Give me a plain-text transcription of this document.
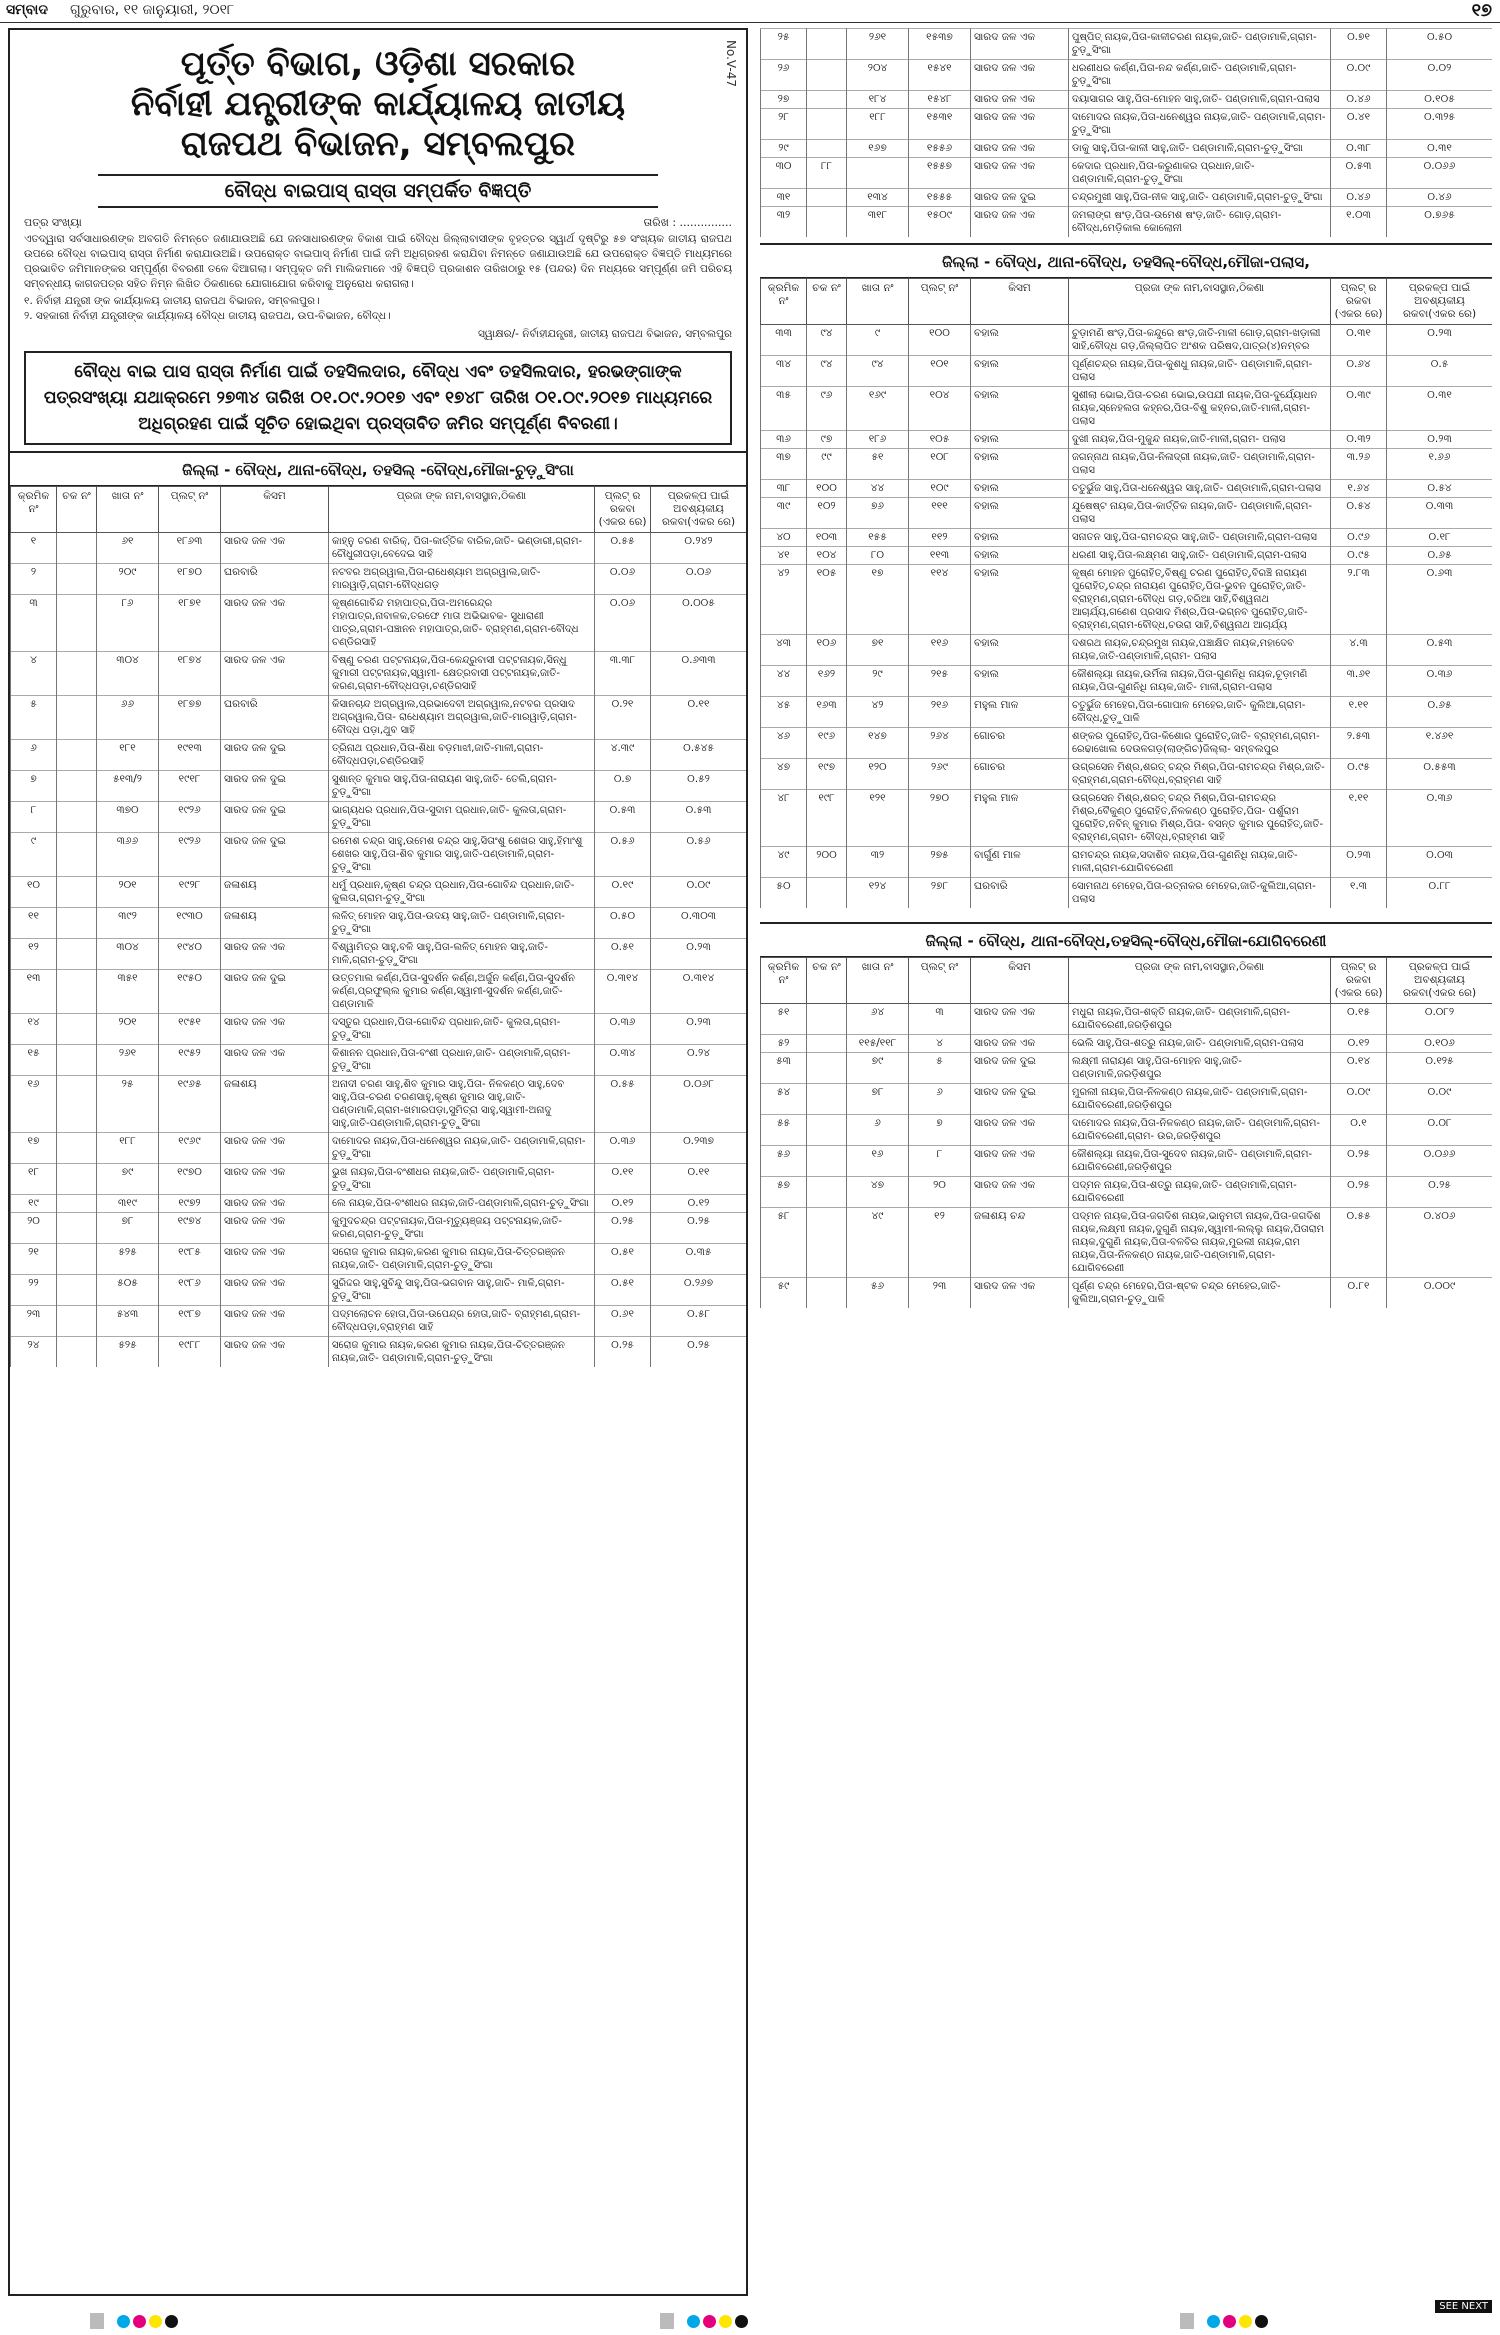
ସମ୍ବାଦ ଗୁରୁବାର, ୧୧ ଜାନୁୟାରୀ, ୨୦୧୮	୧୭
No.V-47
ପୂର୍ତ୍ତ ବିଭାଗ, ଓଡ଼ିଶା ସରକାର
ନିର୍ବାହୀ ଯନ୍ତ୍ରୀଙ୍କ କାର୍ଯ୍ୟାଳୟ ଜାତୀୟ
ରାଜପଥ ବିଭାଜନ, ସମ୍ବଲପୁର
ବୌଦ୍ଧ ବାଇପାସ୍ ରାସ୍ତା ସମ୍ପର୍କିତ ବିଜ୍ଞପ୍ତି
ପତ୍ର ସଂଖ୍ୟା	ତାରିଖ : ...............
ଏତଦ୍ୱାରା ସର୍ବସାଧାରଣଙ୍କ ଅବଗତି ନିମନ୍ତେ ଜଣାଯାଉଅଛି ଯେ ଜନସାଧାରଣଙ୍କ ବିକାଶ ପାଇଁ ବୌଦ୍ଧ ଜିଲ୍ଲାବାସୀଙ୍କ ବୃହତ୍ତର ସ୍ୱାର୍ଥ ଦୃଷ୍ଟିରୁ ୫୭ ସଂଖ୍ୟକ ଜାତୀୟ ରାଜପଥ ଉପରେ ବୌଦ୍ଧ ବାଇପାସ୍ ରାସ୍ତା ନିର୍ମାଣ କରାଯାଉଅଛି। ଉପରୋକ୍ତ ବାଇପାସ୍ ନିର୍ମାଣ ପାଇଁ ଜମି ଅଧିଗ୍ରହଣ କରାଯିବା ନିମନ୍ତେ ଜଣାଯାଉଅଛି ଯେ ଉପରୋକ୍ତ ବିଜ୍ଞପ୍ତି ମାଧ୍ୟମରେ ପ୍ରଭାବିତ ଜମିମାନଙ୍କର ସମ୍ପୂର୍ଣ୍ଣ ବିବରଣୀ ତଳେ ଦିଆଗଲା। ସମ୍ପୃକ୍ତ ଜମି ମାଲିକମାନେ ଏହି ବିଜ୍ଞପ୍ତି ପ୍ରକାଶନ ତାରିଖଠାରୁ ୧୫ (ପନ୍ଦର) ଦିନ ମଧ୍ୟରେ ସମ୍ପୂର୍ଣ୍ଣ ଜମି ପରିଚୟ ସମ୍ବନ୍ଧୀୟ କାଗଜପତ୍ର ସହିତ ନିମ୍ନ ଲିଖିତ ଠିକଣାରେ ଯୋଗାଯୋଗ କରିବାକୁ ଅନୁରୋଧ କରାଗଲା।
୧. ନିର୍ବାହୀ ଯନ୍ତ୍ରୀ ଙ୍କ କାର୍ଯ୍ୟାଳୟ ଜାତୀୟ ରାଜପଥ ବିଭାଜନ, ସମ୍ବଲପୁର।
୨. ସହକାରୀ ନିର୍ବାହୀ ଯନ୍ତ୍ରୀଙ୍କ କାର୍ଯ୍ୟାଳୟ ବୌଦ୍ଧ ଜାତୀୟ ରାଜପଥ, ଉପ-ବିଭାଜନ, ବୌଦ୍ଧ।
ସ୍ୱାକ୍ଷର/- ନିର୍ବାହୀଯନ୍ତ୍ରୀ, ଜାତୀୟ ରାଜପଥ ବିଭାଜନ, ସମ୍ବଲପୁର
ବୌଦ୍ଧ ବାଇ ପାସ ରାସ୍ତା ନିର୍ମାଣ ପାଇଁ ତହସିଲଦାର, ବୌଦ୍ଧ ଏବଂ ତହସିଲଦାର, ହରଭଙ୍ଗାଙ୍କ ପତ୍ରସଂଖ୍ୟା ଯଥାକ୍ରମେ ୨୭୩୪ ତାରିଖ ୦୧.୦୯.୨୦୧୭ ଏବଂ ୧୭୪୮ ତାରିଖ ୦୧.୦୯.୨୦୧୭ ମାଧ୍ୟମରେ ଅଧିଗ୍ରହଣ ପାଇଁ ସୂଚିତ ହୋଇଥିବା ପ୍ରସ୍ତାବିତ ଜମିର ସମ୍ପୂର୍ଣ୍ଣ ବିବରଣୀ।
ଜିଲ୍ଲା - ବୌଦ୍ଧ, ଥାନା-ବୌଦ୍ଧ, ତହସିଲ୍ -ବୌଦ୍ଧ,ମୌଜା-ଚୁଡ଼ୁସିଂଗା
କ୍ରମିକ ନଂ	ଚକ ନଂ	ଖାତା ନଂ	ପ୍ଲଟ୍ ନଂ	କିସମ	ପ୍ରଜା ଙ୍କ ନାମ,ବାସସ୍ଥାନ,ଠିକଣା	ପ୍ଲଟ୍ ର ରକବା (ଏକର ରେ)	ପ୍ରକଳ୍ପ ପାଇଁ ଅବଶ୍ୟକୀୟ ରକବା(ଏକର ରେ)
୧		୬୧	୧୮୬୩	ସାରଦ ଜଳ ଏକ	କାହ୍ନୁ ଚରଣ ବାରିକ୍, ପିତା-କାର୍ତ୍ତିକ ବାରିକ,ଜାତି- ଭଣ୍ଡାରୀ,ଗ୍ରାମ-ଚୌଧୁରୀପଡ଼ା,ବେଦେଇ ସାହି	୦.୫୫	୦.୨୪୨
୨		୨୦୯	୧୮୭୦	ଘରବାରି	ନଟବର ଅଗ୍ରୱାଲ,ପିତା-ରାଧେଶ୍ୟାମ ଅଗ୍ରୱାଲ,ଜାତି-ମାରୱାଡ଼ି,ଗ୍ରାମ-ବୌଦ୍ଧଗଡ଼	୦.୦୬	୦.୦୬
୩		୮୬	୧୮୭୧	ସାରଦ ଜଳ ଏକ	କୃଷ୍ଣଗୋବିନ୍ଦ ମହାପାତ୍ର,ପିତା-ଅମରେନ୍ଦ୍ର ମହାପାତ୍ର,ନାବାଳକ,ତରଫେ ମାତା ଅଭିଭାବକ- ସୁଧାରାଣୀ ପାତ୍ର,ଗ୍ରାମ-ପଞ୍ଚାନନ ମହାପାତ୍ର,ଜାତି- ବ୍ରାହ୍ମଣ,ଗ୍ରାମ-ବୌଦ୍ଧ ଚଣ୍ଡିରସାହି	୦.୦୬	୦.୦୦୫
୪		୩୦୪	୧୮୭୪	ସାରଦ ଜଳ ଏକ	ବିଷ୍ଣୁ ଚରଣ ପଟ୍ଟନାୟକ,ପିତା-କେନ୍ଦ୍ରୁବାସୀ ପଟ୍ଟନାୟକ,ସିନ୍ଧୁ କୁମାରୀ ପଟ୍ଟନାୟକ,ସ୍ୱାମୀ- କ୍ଷେତ୍ରବାସୀ ପଟ୍ଟନାୟକ,ଜାତି-କରଣ,ଗ୍ରାମ-ବୌଦ୍ଧପଡ଼ା,ଚଣ୍ଡିରସାହି	୩.୩୮	୦.୬୩୩
୫		୬୬	୧୮୭୭	ଘରବାରି	କିସାନଚାନ୍ଦ ଅଗ୍ରୱାଲ,ପ୍ରଭାଦେବୀ ଅଗ୍ରୱାଲ,ନଟବର ପ୍ରସାଦ ଅଗ୍ରୱାଲ,ପିତା- ରାଧେଶ୍ୟାମ ଅଗ୍ରୱାଲ,ଜାତି-ମାରୱାଡ଼ି,ଗ୍ରାମ-ବୌଦ୍ଧ ପଡ଼ା,ଥୁବ ସାହି	୦.୨୧	୦.୧୧
୬		୧୮୧	୧୯୧୩	ସାରଦ ଜଳ ଦୁଇ	ତ୍ରିନାଥ ପ୍ରଧାନ,ପିତା-ଶିଧା ବଡ଼ମାଝୀ,ଜାତି-ମାଳୀ,ଗ୍ରାମ-ବୌଦ୍ଧପଡ଼ା,ଚଣ୍ଡିରସାହି	୪.୩୯	୦.୫୪୫
୭		୫୧୩/୨	୧୯୧୮	ସାରଦ ଜଳ ଦୁଇ	ସୁଶାନ୍ତ କୁମାର ସାହୁ,ପିତା-ନାରାୟଣ ସାହୁ,ଜାତି- ତେଲି,ଗ୍ରାମ-ଚୁଡ଼ୁସିଂଗା	୦.୭	୦.୫୨
୮		୩୭୦	୧୯୨୬	ସାରଦ ଜଳ ଦୁଇ	ଭାଗ୍ୟଧର ପ୍ରଧାନ,ପିତା-ସୁଦାମ ପ୍ରଧାନ,ଜାତି- କୁଲତା,ଗ୍ରାମ-ଚୁଡ଼ୁସିଂଗା	୦.୫୩	୦.୫୩
୯		୩୬୬	୧୯୨୬	ସାରଦ ଜଳ ଦୁଇ	ରମେଶ ଚନ୍ଦ୍ର ସାହୁ,ଉମେଶ ଚନ୍ଦ୍ର ସାହୁ,ସିତାଂଶୁ ଶେଖର ସାହୁ,ହିମାଂଶୁ ଶେଖର ସାହୁ,ପିତା-ଶିବ କୁମାର ସାହୁ,ଜାତି-ପଣ୍ଡାମାଳି,ଗ୍ରାମ-ଚୁଡ଼ୁସିଂଗା	୦.୫୬	୦.୫୬
୧୦		୨୦୧	୧୯୨୮	ଜଳାଶୟ	ଧର୍ମୁ ପ୍ରଧାନ,କୃଷ୍ଣ ଚନ୍ଦ୍ର ପ୍ରଧାନ,ପିତା-ଗୋବିନ୍ଦ ପ୍ରଧାନ,ଜାତି-କୁଲତା,ଗ୍ରାମ-ଚୁଡ଼ୁସିଂଗା	୦.୧୯	୦.୦୯
୧୧		୩୯୨	୧୯୩୦	ଜଳାଶୟ	ଲଳିତ୍ ମୋହନ ସାହୁ,ପିତା-ଉଦୟ ସାହୁ,ଜାତି- ପଣ୍ଡାମାଳି,ଗ୍ରାମ-ଚୁଡ଼ୁସିଂଗା	୦.୫୦	୦.୩୦୩
୧୨		୩୦୪	୧୯୪୦	ସାରଦ ଜଳ ଏକ	ବିଶ୍ୱାମିତ୍ର ସାହୁ,ବଳି ସାହୁ,ପିତା-ଲଳିତ୍ ମୋହନ ସାହୁ,ଜାତି-ମାଳି,ଗ୍ରାମ-ଚୁଡ଼ୁସିଂଗା	୦.୫୧	୦.୨୩
୧୩		୩୫୧	୧୯୫୦	ସାରଦ ଜଳ ଦୁଇ	ଉତ୍ତମାଲ କର୍ଣ୍ଣ,ପିତା-ସୁଦର୍ଶନ କର୍ଣ୍ଣ,ଅର୍ଜୁନ କର୍ଣ୍ଣ,ପିତା-ସୁଦର୍ଶନ କର୍ଣ୍ଣ,ପ୍ରଫୁଲ୍ଲ କୁମାର କର୍ଣ୍ଣ,ସ୍ୱାମୀ-ସୁଦର୍ଶନ କର୍ଣ୍ଣ,ଜାତି-ପଣ୍ଡାମାଳି	୦.୩୧୪	୦.୩୧୪
୧୪		୨୦୧	୧୯୫୧	ସାରଦ ଜଳ ଏକ	ଦସ୍ତୁର ପ୍ରଧାନ,ପିତା-ଗୋବିନ୍ଦ ପ୍ରଧାନ,ଜାତି- କୁଲତା,ଗ୍ରାମ-ଚୁଡ଼ୁସିଂଗା	୦.୩୬	୦.୨୩
୧୫		୨୬୧	୧୯୫୨	ସାରଦ ଜଳ ଏକ	କିଶାନନ ପ୍ରଧାନ,ପିତା-ବଂଶୀ ପ୍ରଧାନ,ଜାତି- ପଣ୍ଡାମାଳି,ଗ୍ରାମ-ଚୁଡ଼ୁସିଂଗା	୦.୩୪	୦.୨୪
୧୬		୨୫	୧୯୬୫	ଜଳାଶୟ	ଅନାଦୀ ଚରଣ ସାହୁ,ଶିବ କୁମାର ସାହୁ,ପିତା- ନିଳକଣ୍ଠ ସାହୁ,ଦେବ ସାହୁ,ପିତା-ଚରଣ ଚରଣସାହୁ,କୃଷ୍ଣ କୁମାର ସାହୁ,ଜାତି-ପଣ୍ଡାମାଳି,ଗ୍ରାମ-ଖମାରପଡ଼ା,ସୁମିତ୍ରା ସାହୁ,ସ୍ୱାମୀ-ଅନାଦୁ ସାହୁ,ଜାତି-ପଣ୍ଡାମାଳି,ଗ୍ରାମ-ଚୁଡ଼ୁସିଂଗା	୦.୫୫	୦.୦୬୮
୧୭		୧୮୮	୧୯୬୯	ସାରଦ ଜଳ ଏକ	ଦାମୋଦର ନାୟକ,ପିତା-ଧନେଶ୍ୱର ନାୟକ,ଜାତି- ପଣ୍ଡାମାଳି,ଗ୍ରାମ-ଚୁଡ଼ୁସିଂଗା	୦.୩୬	୦.୨୩୭
୧୮		୭୯	୧୯୭୦	ସାରଦ ଜଳ ଏକ	ଭୁଖ ନାୟକ,ପିତା-ବଂଶୀଧର ନାୟକ,ଜାତି- ପଣ୍ଡାମାଳି,ଗ୍ରାମ-ଚୁଡ଼ୁସିଂଗା	୦.୧୧	୦.୧୧
୧୯		୩୧୯	୧୯୭୨	ସାରଦ ଜଳ ଏକ	ଲେ ନାୟକ,ପିତା-ବଂଶୀଧର ନାୟକ,ଜାତି-ପଣ୍ଡାମାଳି,ଗ୍ରାମ-ଚୁଡ଼ୁସିଂଗା	୦.୧୨	୦.୧୨
୨୦		୭୮	୧୯୭୪	ସାରଦ ଜଳ ଏକ	କୁମୁଦଚନ୍ଦ୍ର ପଟ୍ଟନାୟକ,ପିତା-ମୃତ୍ୟୁଞ୍ଜୟ ପଟ୍ଟନାୟକ,ଜାତି-କରଣ,ଗ୍ରାମ-ଚୁଡ଼ୁସିଂଗା	୦.୨୫	୦.୨୫
୨୧		୫୨୫	୧୯୮୫	ସାରଦ ଜଳ ଏକ	ସରୋଜ କୁମାର ନାୟକ,କରଣ କୁମାର ନାୟକ,ପିତା-ଚିତ୍ତରଞ୍ଜନ ନାୟକ,ଜାତି- ପଣ୍ଡାମାଳି,ଗ୍ରାମ-ଚୁଡ଼ୁସିଂଗା	୦.୫୧	୦.୩୫
୨୨		୫୦୫	୧୯୮୬	ସାରଦ ଜଳ ଏକ	ସୁରିଦ୍ଦର ସାହୁ,ସୁବିନ୍ଦୁ ସାହୁ,ପିତା-ଭଗବାନ ସାହୁ,ଜାତି- ମାଳି,ଗ୍ରାମ-ଚୁଡ଼ୁସିଂଗା	୦.୫୧	୦.୨୬୭
୨୩		୫୪୩	୧୯୮୭	ସାରଦ ଜଳ ଏକ	ପଦ୍ମଲୋଚନ ହୋତା,ପିତା-ଉପେନ୍ଦ୍ର ହୋତା,ଜାତି- ବ୍ରାହ୍ମଣ,ଗ୍ରାମ-ବୌଦ୍ଧପଡ଼ା,ବ୍ରାହ୍ମଣ ସାହି	୦.୬୧	୦.୫୮
୨୪		୫୨୫	୧୯୮୮	ସାରଦ ଜଳ ଏକ	ସରୋଜ କୁମାର ନାୟକ,କରଣ କୁମାର ନାୟକ,ପିତା-ଚିତ୍ତରଞ୍ଜନ ନାୟକ,ଜାତି- ପଣ୍ଡାମାଳି,ଗ୍ରାମ-ଚୁଡ଼ୁସିଂଗା	୦.୨୫	୦.୨୫
୨୫		୨୬୧	୧୫୩୭	ସାରଦ ଜଳ ଏକ	ପୁଷ୍ପିତ୍ ନାୟକ,ପିତା-କାଳୀଚରଣ ନାୟକ,ଜାତି- ପଣ୍ଡାମାଳି,ଗ୍ରାମ-ଚୁଡ଼ୁସିଂଗା	୦.୭୧	୦.୫୦
୨୬		୨୦୪	୧୫୪୧	ସାରଦ ଜଳ ଏକ	ଧରଣୀଧର କର୍ଣ୍ଣ,ପିତା-ନନ୍ଦ କର୍ଣ୍ଣ,ଜାତି- ପଣ୍ଡାମାଳି,ଗ୍ରାମ-ଚୁଡ଼ୁସିଂଗା	୦.୦୯	୦.୦୨
୨୭		୧୮୪	୧୫୪୮	ସାରଦ ଜଳ ଏକ	ଦୟାସାଗର ସାହୁ,ପିତା-ମୋହନ ସାହୁ,ଜାତି- ପଣ୍ଡାମାଳି,ଗ୍ରାମ-ପଲାସ	୦.୪୬	୦.୧୦୫
୨୮		୧୮୮	୧୫୩୧	ସାରଦ ଜଳ ଏକ	ଦାମୋଦର ନାୟକ,ପିତା-ଧନେଶ୍ୱର ନାୟକ,ଜାତି- ପଣ୍ଡାମାଳି,ଗ୍ରାମ-ଚୁଡ଼ୁସିଂଗା	୦.୪୧	୦.୩୨୫
୨୯		୧୬୭	୧୫୫୬	ସାରଦ ଜଳ ଏକ	ଡାକୁ ସାହୁ,ପିତା-କାଳୀ ସାହୁ,ଜାତି- ପଣ୍ଡାମାଳି,ଗ୍ରାମ-ଚୁଡ଼ୁସିଂଗା	୦.୩୮	୦.୩୧
୩୦	୮୮		୧୫୫୭	ସାରଦ ଜଳ ଏକ	କେଦାର ପ୍ରଧାନ,ପିତା-କରୁଣାକର ପ୍ରଧାନ,ଜାତି- ପଣ୍ଡାମାଳି,ଗ୍ରାମ-ଚୁଡ଼ୁସିଂଗା	୦.୫୩	୦.୦୬୬
୩୧		୧୩୪	୧୫୫୫	ସାରଦ ଜଳ ଦୁଇ	ଚନ୍ଦ୍ରମୁଖୀ ସାହୁ,ପିତା-ନୀଳ ସାହୁ,ଜାତି- ପଣ୍ଡାମାଳି,ଗ୍ରାମ-ଚୁଡ଼ୁସିଂଗା	୦.୪୬	୦.୪୬
୩୨		୩୧୮	୧୫୦୯	ସାରଦ ଜଳ ଏକ	ଜମଲାଙ୍ଗ ଷଂଡ଼,ପିତା-ଉମେଶ ଷଂଡ଼,ଜାତି- ଗୋଡ଼,ଗ୍ରାମ-ବୌଦ୍ଧ,ମେଡ଼ିକାଲ କୋଲୋନୀ	୧.୦୩	୦.୭୬୫
ଜିଲ୍ଲା - ବୌଦ୍ଧ, ଥାନା-ବୌଦ୍ଧ, ତହସିଲ୍-ବୌଦ୍ଧ,ମୌଜା-ପଲାସ,
କ୍ରମିକ ନଂ	ଚକ ନଂ	ଖାତା ନଂ	ପ୍ଲଟ୍ ନଂ	କିସମ	ପ୍ରଜା ଙ୍କ ନାମ,ବାସସ୍ଥାନ,ଠିକଣା	ପ୍ଲଟ୍ ର ରକବା (ଏକର ରେ)	ପ୍ରକଳ୍ପ ପାଇଁ ଅବଶ୍ୟକୀୟ ରକବା(ଏକର ରେ)
୩୩	୯୪	୯	୧୦୦	ବହାଲ	ଚୁଡ଼ାମଣି ଷଂଡ଼,ପିତା-କନ୍ଦୁରେ ଷଂଡ଼,ଜାତି-ମାଳୀ ଗୋଡ଼,ଗ୍ରାମ-ଖଡ଼ାଲୀ ସାହି,ବୌଦ୍ଧ ଗଡ଼,ଜିଲ୍ଲାପିତ ଅଂଶକ ପରିଷଦ,ପାତ୍ର(୪)ନମ୍ବର	୦.୩୧	୦.୨୩
୩୪	୯୪	୯୪	୧୦୧	ବହାଲ	ପୂର୍ଣ୍ଣଚନ୍ଦ୍ର ନାୟକ,ପିତା-କୁଶଧୁ ନାୟକ,ଜାତି- ପଣ୍ଡାମାଳି,ଗ୍ରାମ-ପଲାସ	୦.୬୪	୦.୫
୩୫	୯୬	୧୬୯	୧୦୪	ବହାଲ	ସୁଶୀଲା ଭୋଇ,ପିତା-ଚରଣ ଭୋଇ,ଉପଯୀ ନାୟକ,ପିତା-ଦୁର୍ଯ୍ୟୋଧନ ନାୟକ,ସ୍ନେହଲତା କହ୍ନର,ପିତା-ବିଶୁ କହ୍ନର,ଜାତି-ମାଳୀ,ଗ୍ରାମ-ପଲାସ	୦.୩୯	୦.୩୧
୩୬	୯୭	୧୮୬	୧୦୫	ବହାଲ	ଦୁଖୀ ନାୟକ,ପିତା-ମୁକୁନ୍ଦ ନାୟକ,ଜାତି-ମାଳୀ,ଗ୍ରାମ- ପଲାସ	୦.୩୨	୦.୨୩
୩୭	୯୯	୫୧	୧୦୮	ବହାଲ	ଜଗନ୍ନାଥ ନାୟକ,ପିତା-ନିଳାଦ୍ରୀ ନାୟକ,ଜାତି- ପଣ୍ଡାମାଳି,ଗ୍ରାମ-ପଲାସ	୩.୨୬	୧.୬୬
୩୮	୧୦୦	୪୪	୧୦୯	ବହାଲ	ଚତୁର୍ଭୁଜ ସାହୁ,ପିତା-ଧନେଶ୍ୱର ସାହୁ,ଜାତି- ପଣ୍ଡାମାଳି,ଗ୍ରାମ-ପଲାସ	୧.୬୪	୦.୫୪
୩୯	୧୦୨	୭୬	୧୧୧	ବହାଲ	ଯୁଷେଷ୍ଟ ନାୟକ,ପିତା-କାର୍ତ୍ତିକ ନାୟକ,ଜାତି- ପଣ୍ଡାମାଳି,ଗ୍ରାମ-ପଲାସ	୦.୫୪	୦.୩୩
୪୦	୧୦୩	୧୫୫	୧୧୨	ବହାଲ	ସନାତନ ସାହୁ,ପିତା-ରାମଚନ୍ଦ୍ର ସାହୁ,ଜାତି- ପଣ୍ଡାମାଳି,ଗ୍ରାମ-ପଲାସ	୦.୯୬	୦.୧୮
୪୧	୧୦୪	୮୦	୧୧୩	ବହାଲ	ଧରଣୀ ସାହୁ,ପିତା-ଲକ୍ଷ୍ମଣ ସାହୁ,ଜାତି- ପଣ୍ଡାମାଳି,ଗ୍ରାମ-ପଲାସ	୦.୯୫	୦.୬୫
୪୨	୧୦୫	୧୭	୧୧୪	ବହାଲ	କୃଷ୍ଣ ମୋହନ ପୁରୋହିତ୍,ବିଷ୍ଣୁ ଚରଣ ପୁରୋହିତ୍,ବିରଞ୍ଚି ନାରାୟଣ ପୁରୋହିତ୍,ଚନ୍ଦ୍ର ନାରାୟଣ ପୁରୋହିତ୍,ପିତା-ଭୁବନ ପୁରୋହିତ୍,ଜାତି- ବ୍ରାହ୍ମଣ,ଗ୍ରାମ-ବୌଦ୍ଧ ଗଡ଼,ବରିଆ ସାହି,ବିଶ୍ୱନାଥ ଆଚାର୍ଯ୍ୟ,ଗଣେଶ ପ୍ରସାଦ ମିଶ୍ର,ପିତା-ଭଗ୍ନବ ପୁରୋହିତ୍,ଜାତି-ବ୍ରାହ୍ମଣ,ଗ୍ରାମ-ବୌଦ୍ଧ,ଚଉରା ସାହି,ବିଶ୍ୱନାଥ ଆଚାର୍ଯ୍ୟ	୨.୮୩	୦.୬୩
୪୩	୧୦୬	୭୧	୧୧୬	ବହାଲ	ଦଶରଥ ନାୟକ,ଚନ୍ଦ୍ରମୁଖ ନାୟକ,ପଞ୍ଚାକ୍ଷିତ ନାୟକ,ମହାଦେବ ନାୟକ,ଜାତି-ପଣ୍ଡାମାଳି,ଗ୍ରାମ- ପଲାସ	୪.୩	୦.୫୩
୪୪	୧୬୨	୨୯	୨୧୫	ବହାଲ	କୌଶଲ୍ୟା ନାୟକ,ଉର୍ମିଳା ନାୟକ,ପିତା-ଗୁଣନିଧି ନାୟକ,ଚୂଡ଼ାମଣି ନାୟକ,ପିତା-ଗୁଣନିଧି ନାୟକ,ଜାତି- ମାଳୀ,ଗ୍ରାମ-ପଲାସ	୩.୬୧	୦.୩୬
୪୫	୧୬୩	୪୨	୨୧୬	ମହୁଲ ମାଳ	ଚତୁର୍ଭୁଜ ମେହେର,ପିତା-ଗୋପାଳ ମେହେର,ଜାତି- କୁଲିଆ,ଗ୍ରାମ-ବୌଦ୍ଧ,ଚୁଡ଼ୁପାଳି	୧.୧୧	୦.୬୫
୪୬	୧୯୬	୧୪୭	୨୬୪	ଗୋଚର	ଶଙ୍କର ପୁରୋହିତ୍,ପିତା-କିଶୋର ପୁରୋହିତ୍,ଜାତି- ବ୍ରାହ୍ମଣ,ଗ୍ରାମ-ରେଢାଖୋଲ ଦେଉଳଗଡ଼(ଲାଙ୍ଗିଚ)ଜିଲ୍ଲା- ସମ୍ବଲପୁର	୨.୫୩	୧.୪୬୧
୪୭	୧୯୭	୧୨୦	୨୬୯	ଗୋଚର	ଉଗ୍ରସେନ ମିଶ୍ର,ଶରତ୍ ଚନ୍ଦ୍ର ମିଶ୍ର,ପିତା-ରାମଚନ୍ଦ୍ର ମିଶ୍ର,ଜାତି-ବ୍ରାହ୍ମଣ,ଗ୍ରାମ-ବୌଦ୍ଧ,ବ୍ରାହ୍ମଣ ସାହି	୦.୯୫	୦.୫୫୩
୪୮	୧୯୮	୧୨୧	୨୭୦	ମହୁଲ ମାଳ	ଉଗ୍ରସେନ ମିଶ୍ର,ଶରତ୍ ଚନ୍ଦ୍ର ମିଶ୍ର,ପିତା-ରାମଚନ୍ଦ୍ର ମିଶ୍ର,ବୈକୁଣ୍ଠ ପୁରୋହିତ,ନିଳକଣ୍ଠ ପୁରୋହିତ,ପିତା- ପର୍ଶୁରାମ ପୁରୋହିତ,ନବିନ୍ କୁମାର ମିଶ୍ର,ପିତା- ବସନ୍ତ କୁମାର ପୁରୋହିତ୍,ଜାତି-ବ୍ରାହ୍ମଣ,ଗ୍ରାମ- ବୌଦ୍ଧ,ବ୍ରାହ୍ମଣ ସାହି	୧.୧୧	୦.୩୬
୪୯	୨୦୦	୩୨	୨୭୫	ବାର୍ଗୁଣ ମାଳ	ରାମଚନ୍ଦ୍ର ନାୟକ,ସଦାଶିବ ନାୟକ,ପିତା-ଗୁଣନିଧି ନାୟକ,ଜାତି- ମାଳୀ,ଗ୍ରାମ-ଯୋଗିବରେଣୀ	୦.୨୩	୦.୦୩
୫୦		୧୨୪	୨୭୮	ଘରବାରି	ସୋମନାଥ ମେହେର,ପିତା-ରତ୍ନାକର ମେହେର,ଜାତି-କୁଲିଆ,ଗ୍ରାମ-ପଲାସ	୧.୩	୦.୮୮
ଜିଲ୍ଲା - ବୌଦ୍ଧ, ଥାନା-ବୌଦ୍ଧ,ତହସିଲ୍-ବୌଦ୍ଧ,ମୌଜା-ଯୋଗିବରେଣୀ
କ୍ରମିକ ନଂ	ଚକ ନଂ	ଖାତା ନଂ	ପ୍ଲଟ୍ ନଂ	କିସମ	ପ୍ରଜା ଙ୍କ ନାମ,ବାସସ୍ଥାନ,ଠିକଣା	ପ୍ଲଟ୍ ର ରକବା (ଏକର ରେ)	ପ୍ରକଳ୍ପ ପାଇଁ ଅବଶ୍ୟକୀୟ ରକବା(ଏକର ରେ)
୫୧		୬୪	୩	ସାରଦ ଜଳ ଏକ	ମଧୁରା ନାୟକ,ପିତା-ଶକ୍ତି ନାୟକ,ଜାତି- ପଣ୍ଡାମାଳି,ଗ୍ରାମ-ଯୋଗିବରେଣୀ,ଜରଡ଼ିଶପୁର	୦.୧୫	୦.୦୮୨
୫୨		୧୧୫/୧୧୮	୪	ସାରଦ ଜଳ ଏକ	ଭେଲି ସାହୁ,ପିତା-ଶତ୍ରୁ ନାୟକ,ଜାତି- ପଣ୍ଡାମାଳି,ଗ୍ରାମ-ପଲାସ	୦.୧୨	୦.୧୦୬
୫୩		୭୯	୫	ସାରଦ ଜଳ ଦୁଇ	ଲକ୍ଷ୍ମୀ ନାରାୟଣ ସାହୁ,ପିତା-ମୋହନ ସାହୁ,ଜାତି- ପଣ୍ଡାମାଳି,ଜରଡ଼ିଶପୁର	୦.୧୪	୦.୧୨୫
୫୪		୭୮	୬	ସାରଦ ଜଳ ଦୁଇ	ମୁରଲୀ ନାୟକ,ପିତା-ନିଳକଣ୍ଠ ନାୟକ,ଜାତି- ପଣ୍ଡାମାଳି,ଗ୍ରାମ-ଯୋଗିବରେଣୀ,ଜରଡ଼ିଶପୁର	୦.୦୯	୦.୦୯
୫୫		୬	୭	ସାରଦ ଜଳ ଏକ	ଦାମୋଦର ନାୟକ,ପିତା-ନିଳକଣ୍ଠ ନାୟକ,ଜାତି- ପଣ୍ଡାମାଳି,ଗ୍ରାମ-ଯୋଗିବରେଣୀ,ଗ୍ରାମ- ଉର,ଜରଡ଼ିଶପୁର	୦.୧	୦.୦୮
୫୬		୧୬	୮	ସାରଦ ଜଳ ଏକ	କୌଶଲ୍ୟା ନାୟକ,ପିତା-ସୁଦେବ ନାୟକ,ଜାତି- ପଣ୍ଡାମାଳି,ଗ୍ରାମ-ଯୋଗିବରେଣୀ,ଜରଡ଼ିଶପୁର	୦.୨୫	୦.୦୬୬
୫୭		୪୭	୨୦	ସାରଦ ଜଳ ଏକ	ପଦ୍ମନ ନାୟକ,ପିତା-ଶତ୍ରୁ ନାୟକ,ଜାତି- ପଣ୍ଡାମାଳି,ଗ୍ରାମ-ଯୋଗିବରେଣୀ	୦.୨୫	୦.୨୫
୫୮		୪୯	୧୨	ଜଳାଶୟ ଚନ୍ଦ	ପଦ୍ମନ ନାୟକ,ପିତା-ଜଗଦିଶ ନାୟକ,ଭାନୁମତୀ ନାୟକ,ପିତା-ଜଗଦିଶ ନାୟକ,ଲକ୍ଷ୍ମୀ ନାୟକ,ଦୁଗୁଣି ନାୟକ,ସ୍ୱାମୀ-ଲଲ୍ଲୁ ନାୟକ,ପିତାରାମ ନାୟକ,ଦୁଗୁଣି ନାୟକ,ପିତା-ବଳବିର ନାୟକ,ମୁରଲୀ ନାୟକ,ରାମ ନାୟକ,ପିତା-ନିଳକଣ୍ଠ ନାୟକ,ଜାତି-ପଣ୍ଡାମାଳି,ଗ୍ରାମ-ଯୋଗିବରେଣୀ	୦.୫୫	୦.୪୦୬
୫୯		୫୬	୨୩	ସାରଦ ଜଳ ଏକ	ପୂର୍ଣ୍ଣ ଚନ୍ଦ୍ର ମେହେର,ପିତା-ଷ୍ଟକ ଚନ୍ଦ୍ର ମେହେର,ଜାତି- କୁଲିଆ,ଗ୍ରାମ-ଚୁଡ଼ୁପାଳି	୦.୮୧	୦.୦୦୯
SEE NEXT
